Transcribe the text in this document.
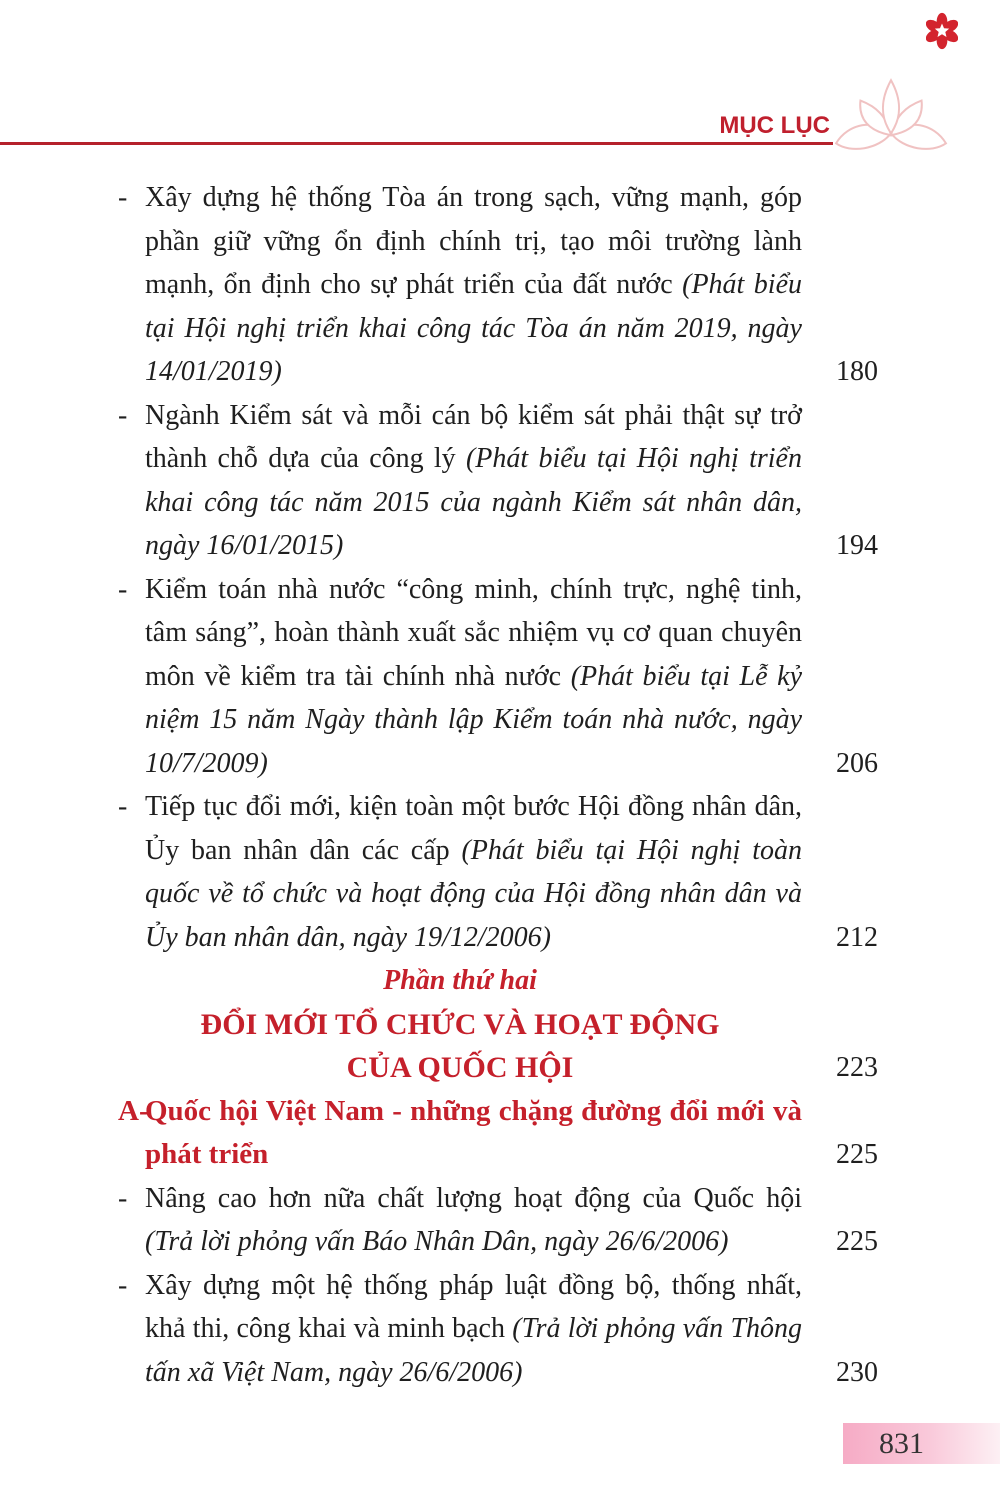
MỤC LỤC
- Xây dựng hệ thống Tòa án trong sạch, vững mạnh, góp phần giữ vững ổn định chính trị, tạo môi trường lành mạnh, ổn định cho sự phát triển của đất nước (Phát biểu tại Hội nghị triển khai công tác Tòa án năm 2019, ngày 14/01/2019)	180
- Ngành Kiểm sát và mỗi cán bộ kiểm sát phải thật sự trở thành chỗ dựa của công lý (Phát biểu tại Hội nghị triển khai công tác năm 2015 của ngành Kiểm sát nhân dân, ngày 16/01/2015)	194
- Kiểm toán nhà nước “công minh, chính trực, nghệ tinh, tâm sáng”, hoàn thành xuất sắc nhiệm vụ cơ quan chuyên môn về kiểm tra tài chính nhà nước (Phát biểu tại Lễ kỷ niệm 15 năm Ngày thành lập Kiểm toán nhà nước, ngày 10/7/2009)	206
- Tiếp tục đổi mới, kiện toàn một bước Hội đồng nhân dân, Ủy ban nhân dân các cấp (Phát biểu tại Hội nghị toàn quốc về tổ chức và hoạt động của Hội đồng nhân dân và Ủy ban nhân dân, ngày 19/12/2006)	212
Phần thứ hai
ĐỔI MỚI TỔ CHỨC VÀ HOẠT ĐỘNG
CỦA QUỐC HỘI	223
A-Quốc hội Việt Nam - những chặng đường đổi mới và phát triển	225
- Nâng cao hơn nữa chất lượng hoạt động của Quốc hội (Trả lời phỏng vấn Báo Nhân Dân, ngày 26/6/2006)	225
- Xây dựng một hệ thống pháp luật đồng bộ, thống nhất, khả thi, công khai và minh bạch (Trả lời phỏng vấn Thông tấn xã Việt Nam, ngày 26/6/2006)	230
831
